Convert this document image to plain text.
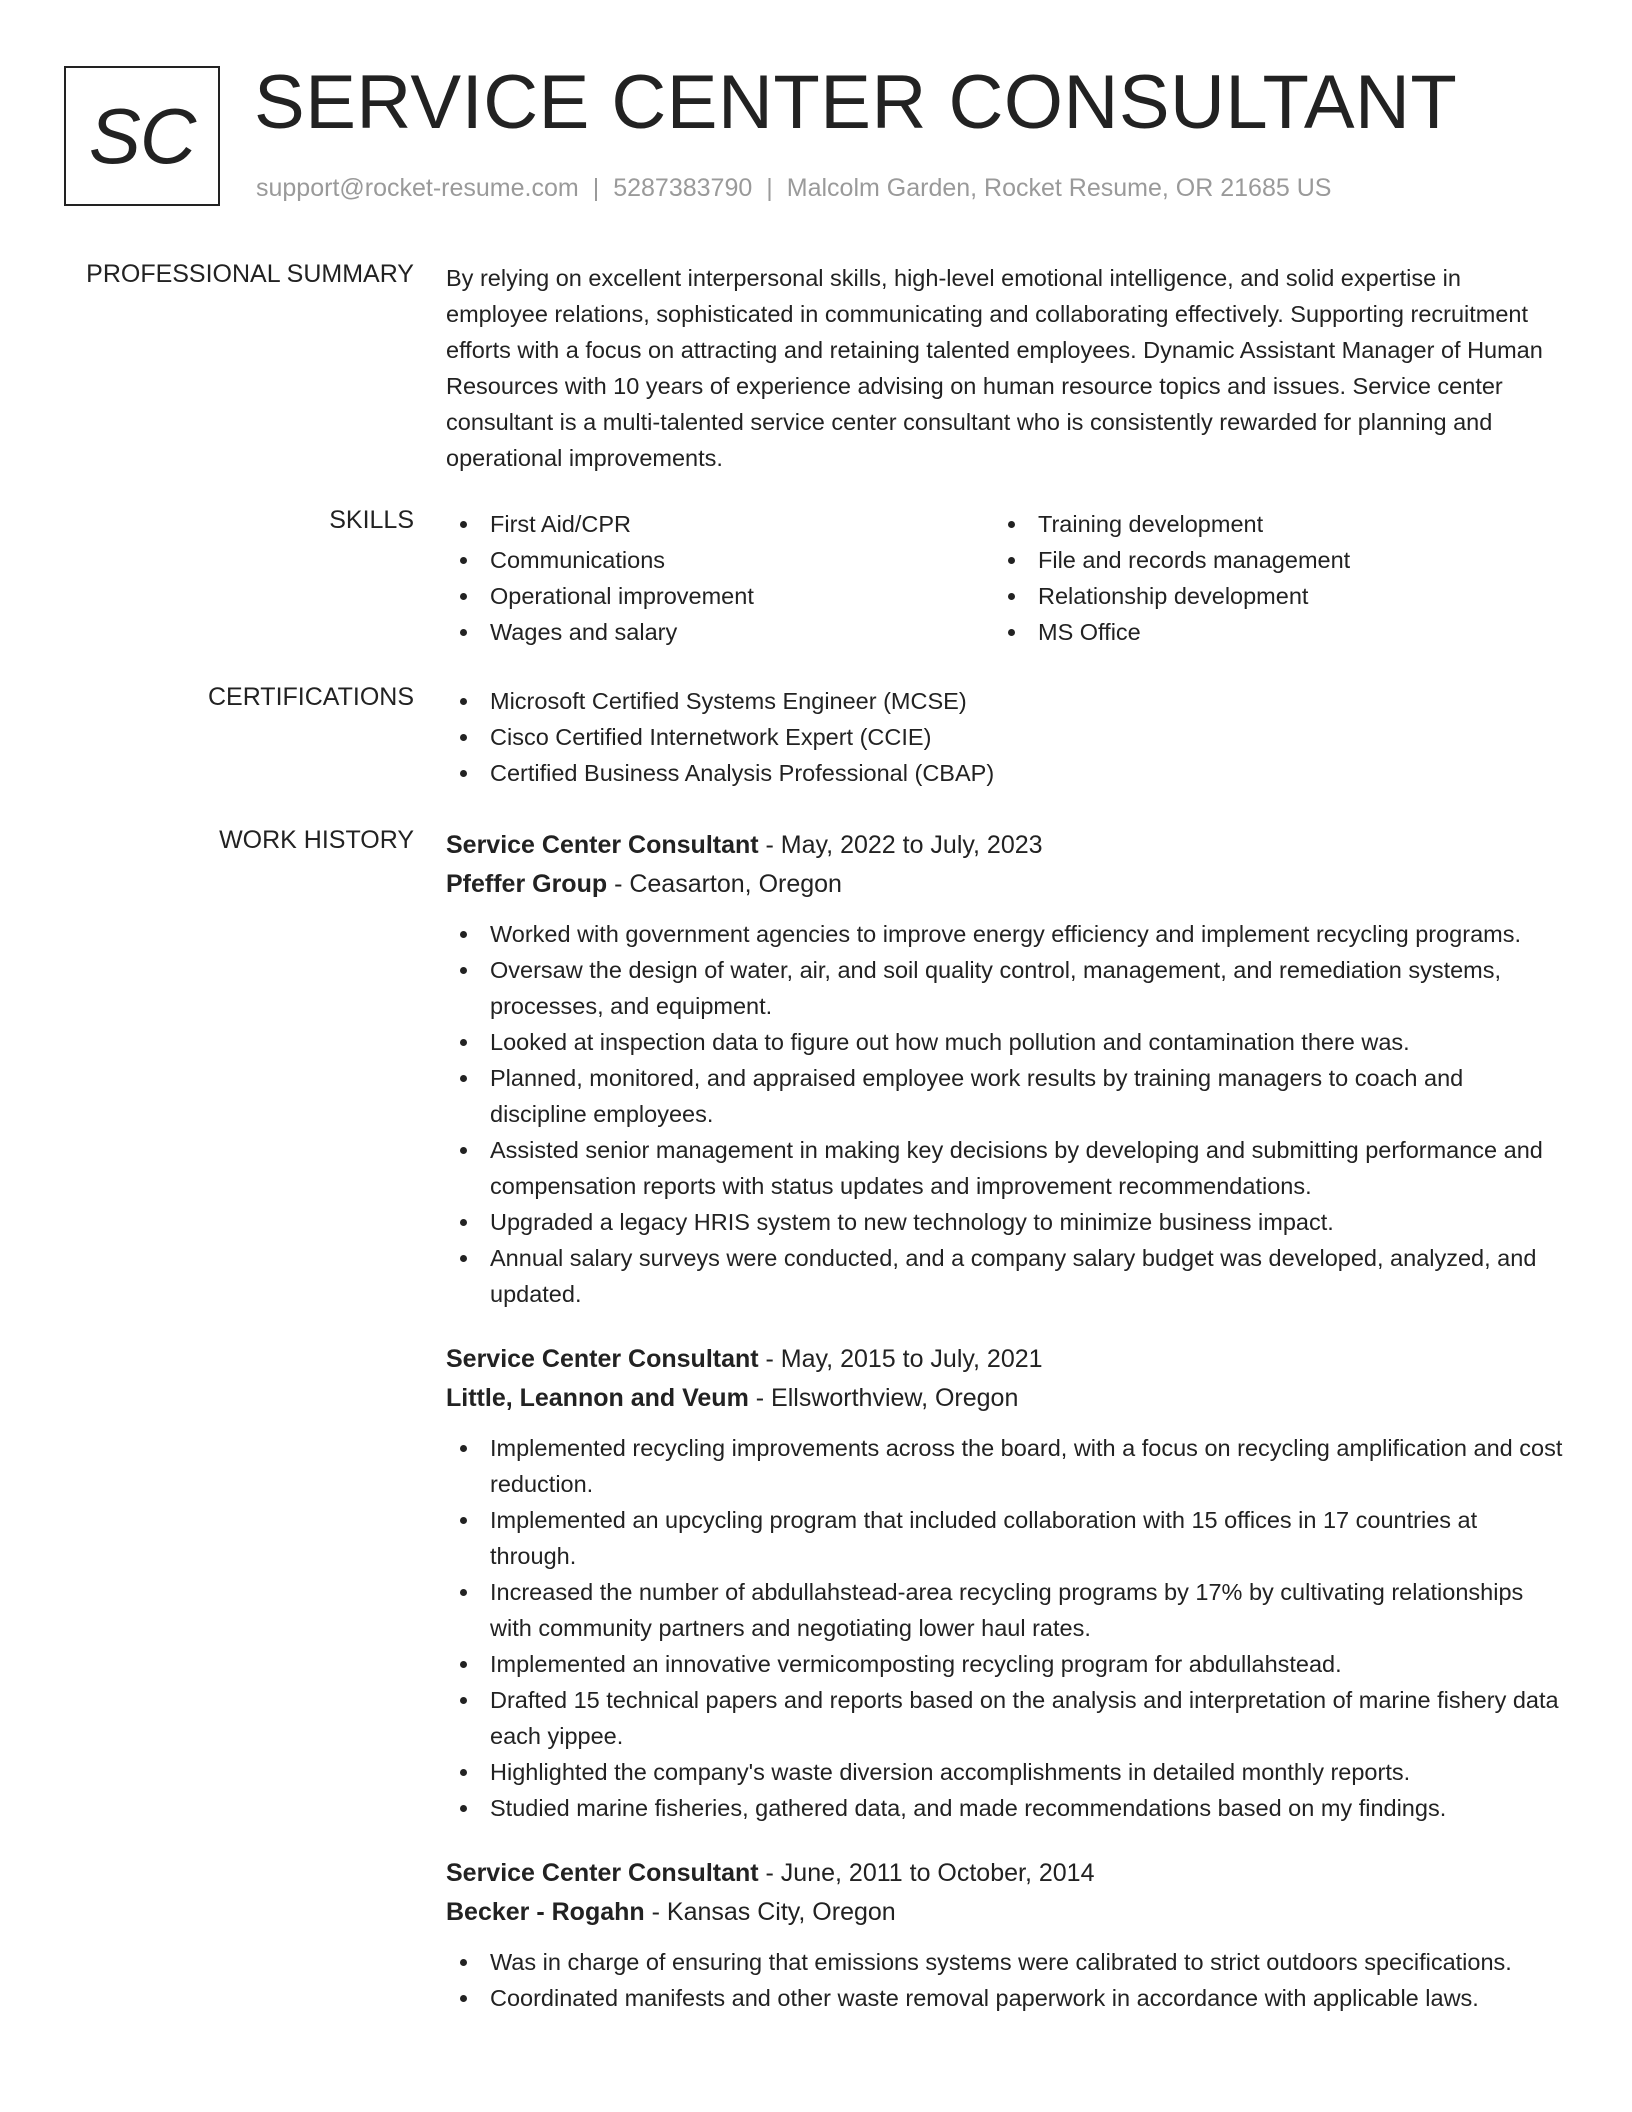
SC SERVICE CENTER CONSULTANT
support@rocket-resume.com | 5287383790 | Malcolm Garden, Rocket Resume, OR 21685 US
PROFESSIONAL SUMMARY By relying on excellent interpersonal skills, high-level emotional intelligence, and solid expertise in employee relations, sophisticated in communicating and collaborating effectively. Supporting recruitment efforts with a focus on attracting and retaining talented employees. Dynamic Assistant Manager of Human Resources with 10 years of experience advising on human resource topics and issues. Service center consultant is a multi-talented service center consultant who is consistently rewarded for planning and operational improvements.

SKILLS	First Aid/CPR
Communications
Operational improvement
Wages and salary
Training development
File and records management
Relationship development
MS Office
CERTIFICATIONS	Microsoft Certified Systems Engineer (MCSE)
Cisco Certified Internetwork Expert (CCIE)
Certified Business Analysis Professional (CBAP)
WORK HISTORY Service Center Consultant - May, 2022 to July, 2023
Pfeffer Group - Ceasarton, Oregon
Worked with government agencies to improve energy efficiency and implement recycling programs.
Oversaw the design of water, air, and soil quality control, management, and remediation systems, processes, and equipment.
Looked at inspection data to figure out how much pollution and contamination there was.
Planned, monitored, and appraised employee work results by training managers to coach and discipline employees.
Assisted senior management in making key decisions by developing and submitting performance and compensation reports with status updates and improvement recommendations.
Upgraded a legacy HRIS system to new technology to minimize business impact.
Annual salary surveys were conducted, and a company salary budget was developed, analyzed, and updated.
Service Center Consultant - May, 2015 to July, 2021
Little, Leannon and Veum - Ellsworthview, Oregon
Implemented recycling improvements across the board, with a focus on recycling amplification and cost reduction.
Implemented an upcycling program that included collaboration with 15 offices in 17 countries at through.
Increased the number of abdullahstead-area recycling programs by 17% by cultivating relationships with community partners and negotiating lower haul rates.
Implemented an innovative vermicomposting recycling program for abdullahstead.
Drafted 15 technical papers and reports based on the analysis and interpretation of marine fishery data each yippee.
Highlighted the company's waste diversion accomplishments in detailed monthly reports.
Studied marine fisheries, gathered data, and made recommendations based on my findings.
Service Center Consultant - June, 2011 to October, 2014
Becker - Rogahn - Kansas City, Oregon
Was in charge of ensuring that emissions systems were calibrated to strict outdoors specifications.
Coordinated manifests and other waste removal paperwork in accordance with applicable laws.
